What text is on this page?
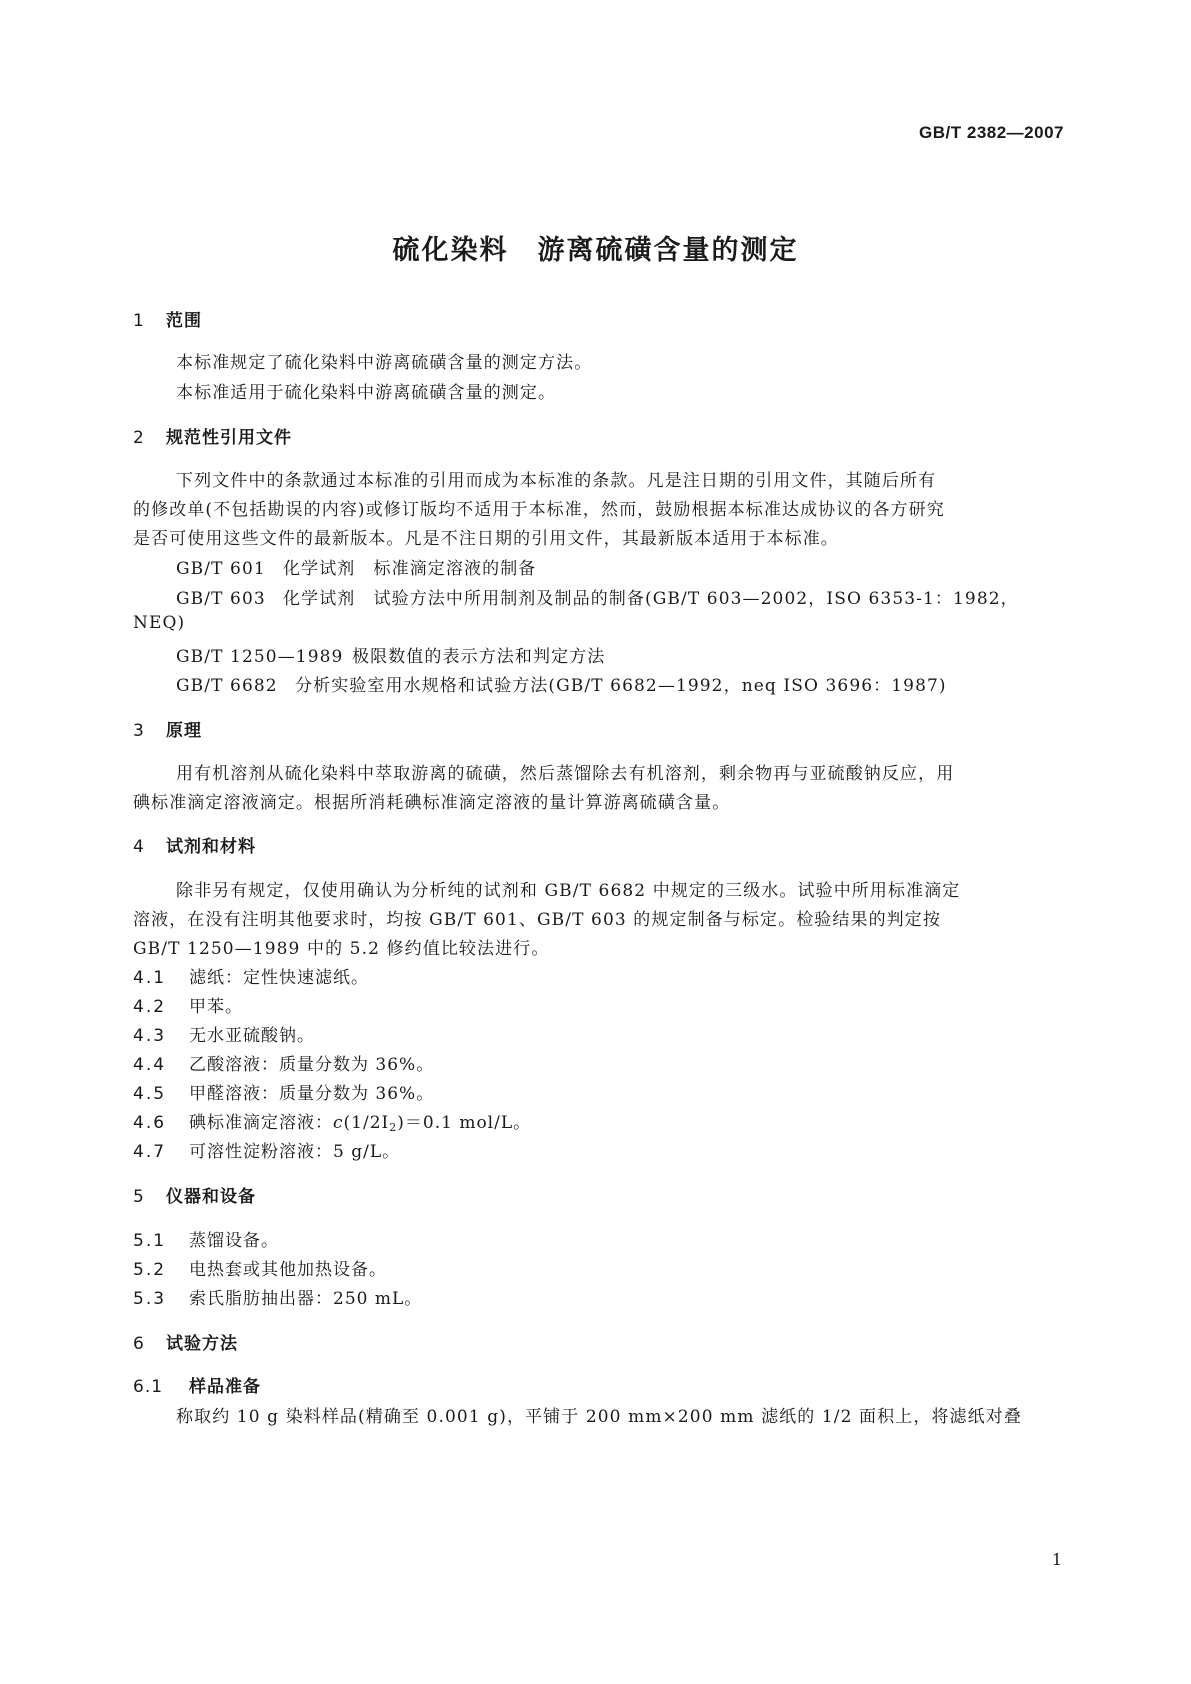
GB/T 2382—2007
硫化染料　游离硫磺含量的测定
1 范围
本标准规定了硫化染料中游离硫磺含量的测定方法。
本标准适用于硫化染料中游离硫磺含量的测定。
2 规范性引用文件
下列文件中的条款通过本标准的引用而成为本标准的条款。凡是注日期的引用文件，其随后所有
的修改单(不包括勘误的内容)或修订版均不适用于本标准，然而，鼓励根据本标准达成协议的各方研究
是否可使用这些文件的最新版本。凡是不注日期的引用文件，其最新版本适用于本标准。
GB/T 601 化学试剂　标准滴定溶液的制备
GB/T 603 化学试剂　试验方法中所用制剂及制品的制备(GB/T 603—2002，ISO 6353-1：1982，
NEQ)
GB/T 1250—1989 极限数值的表示方法和判定方法
GB/T 6682 分析实验室用水规格和试验方法(GB/T 6682—1992，neq ISO 3696：1987)
3 原理
用有机溶剂从硫化染料中萃取游离的硫磺，然后蒸馏除去有机溶剂，剩余物再与亚硫酸钠反应，用
碘标准滴定溶液滴定。根据所消耗碘标准滴定溶液的量计算游离硫磺含量。
4 试剂和材料
除非另有规定，仅使用确认为分析纯的试剂和 GB/T 6682 中规定的三级水。试验中所用标准滴定
溶液，在没有注明其他要求时，均按 GB/T 601、GB/T 603 的规定制备与标定。检验结果的判定按
GB/T 1250—1989 中的 5.2 修约值比较法进行。
4.1 滤纸：定性快速滤纸。
4.2 甲苯。
4.3 无水亚硫酸钠。
4.4 乙酸溶液：质量分数为 36%。
4.5 甲醛溶液：质量分数为 36%。
4.6 碘标准滴定溶液：$c(1/2I_2)=0.1$ mol/L。
4.7 可溶性淀粉溶液：5 g/L。
5 仪器和设备
5.1 蒸馏设备。
5.2 电热套或其他加热设备。
5.3 索氏脂肪抽出器：250 mL。
6 试验方法
6.1 样品准备
称取约 10 g 染料样品(精确至 0.001 g)，平铺于 200 mm×200 mm 滤纸的 1/2 面积上，将滤纸对叠
1
